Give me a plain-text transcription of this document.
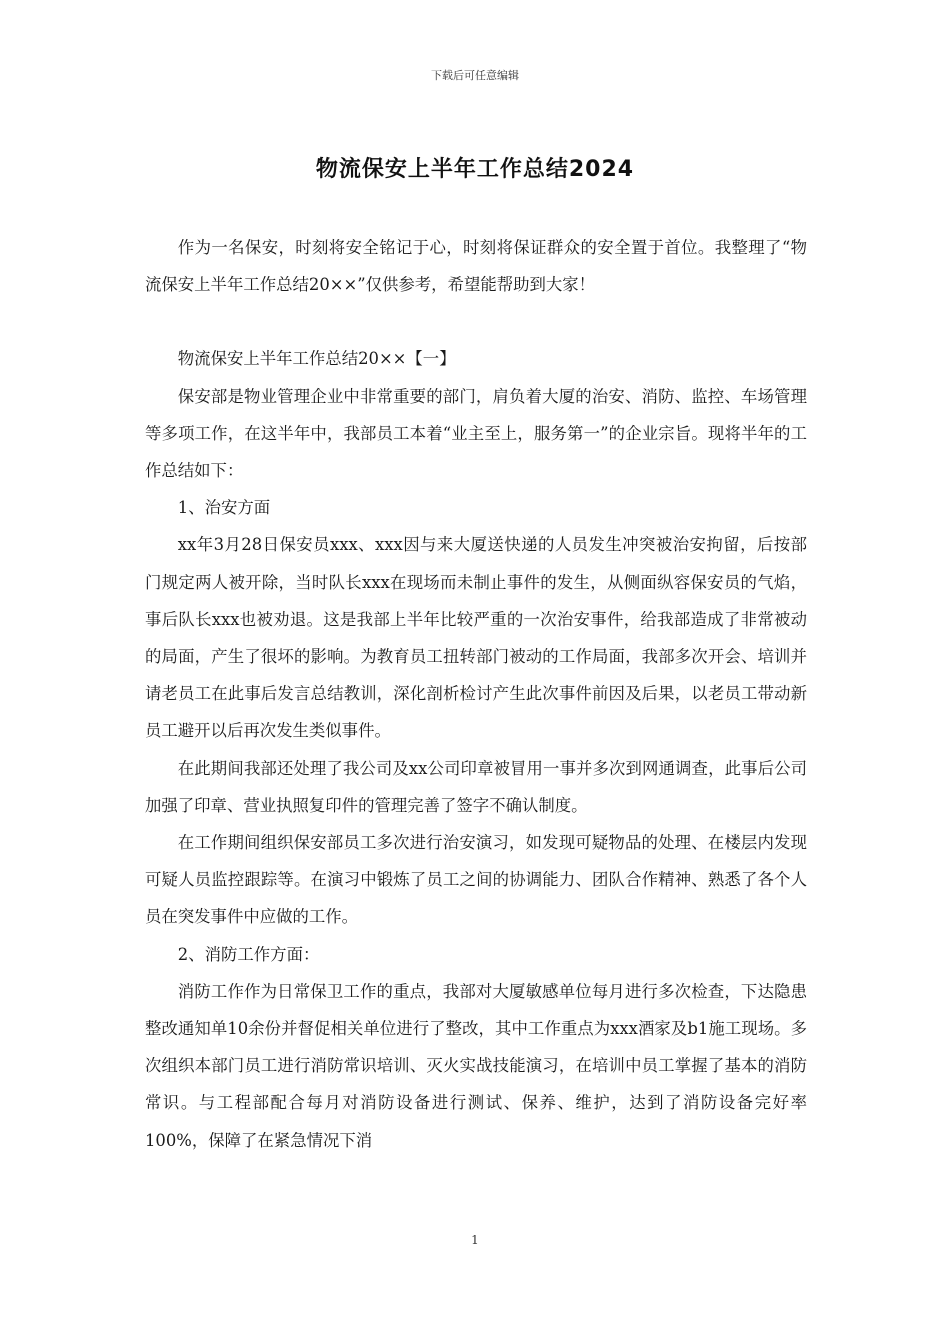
下载后可任意编辑
物流保安上半年工作总结2024

作为一名保安，时刻将安全铭记于心，时刻将保证群众的安全置于首位。我整理了“物流保安上半年工作总结20××”仅供参考，希望能帮助到大家！

物流保安上半年工作总结20××【一】

保安部是物业管理企业中非常重要的部门，肩负着大厦的治安、消防、监控、车场管理等多项工作，在这半年中，我部员工本着“业主至上，服务第一”的企业宗旨。现将半年的工作总结如下：

1、治安方面

xx年3月28日保安员xxx、xxx因与来大厦送快递的人员发生冲突被治安拘留，后按部门规定两人被开除，当时队长xxx在现场而未制止事件的发生，从侧面纵容保安员的气焰，事后队长xxx也被劝退。这是我部上半年比较严重的一次治安事件，给我部造成了非常被动的局面，产生了很坏的影响。为教育员工扭转部门被动的工作局面，我部多次开会、培训并请老员工在此事后发言总结教训，深化剖析检讨产生此次事件前因及后果，以老员工带动新员工避开以后再次发生类似事件。

在此期间我部还处理了我公司及xx公司印章被冒用一事并多次到网通调查，此事后公司加强了印章、营业执照复印件的管理完善了签字不确认制度。

在工作期间组织保安部员工多次进行治安演习，如发现可疑物品的处理、在楼层内发现可疑人员监控跟踪等。在演习中锻炼了员工之间的协调能力、团队合作精神、熟悉了各个人员在突发事件中应做的工作。

2、消防工作方面：

消防工作作为日常保卫工作的重点，我部对大厦敏感单位每月进行多次检查，下达隐患整改通知单10余份并督促相关单位进行了整改，其中工作重点为xxx酒家及b1施工现场。多次组织本部门员工进行消防常识培训、灭火实战技能演习，在培训中员工掌握了基本的消防常识。与工程部配合每月对消防设备进行测试、保养、维护，达到了消防设备完好率100%，保障了在紧急情况下消

1
